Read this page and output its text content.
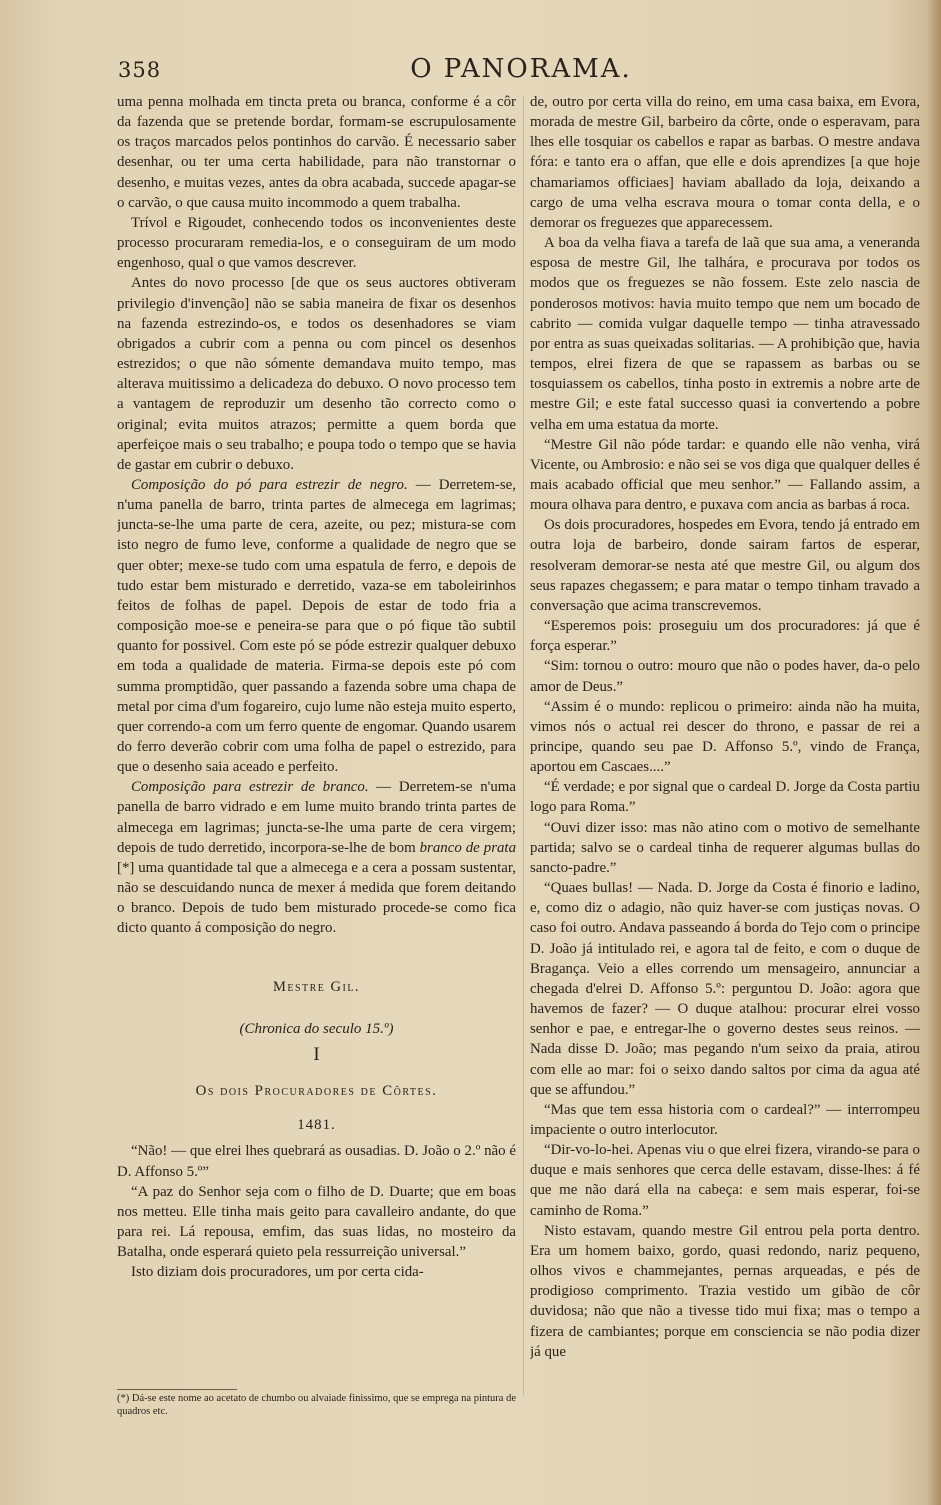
358	O PANORAMA.

uma penna molhada em tincta preta ou branca, conforme é a côr da fazenda que se pretende bordar, formam-se escrupulosamente os traços marcados pelos pontinhos do carvão. É necessario saber desenhar, ou ter uma certa habilidade, para não transtornar o desenho, e muitas vezes, antes da obra acabada, succede apagar-se o carvão, o que causa muito incommodo a quem trabalha.

Trívol e Rigoudet, conhecendo todos os inconvenientes deste processo procuraram remedia-los, e o conseguiram de um modo engenhoso, qual o que vamos descrever.

Antes do novo processo [de que os seus auctores obtiveram privilegio d'invenção] não se sabia maneira de fixar os desenhos na fazenda estrezindo-os, e todos os desenhadores se viam obrigados a cubrir com a penna ou com pincel os desenhos estrezidos; o que não sómente demandava muito tempo, mas alterava muitissimo a delicadeza do debuxo. O novo processo tem a vantagem de reproduzir um desenho tão correcto como o original; evita muitos atrazos; permitte a quem borda que aperfeiçoe mais o seu trabalho; e poupa todo o tempo que se havia de gastar em cubrir o debuxo.

Composição do pó para estrezir de negro. — Derretem-se, n'uma panella de barro, trinta partes de almecega em lagrimas; juncta-se-lhe uma parte de cera, azeite, ou pez; mistura-se com isto negro de fumo leve, conforme a qualidade de negro que se quer obter; mexe-se tudo com uma espatula de ferro, e depois de tudo estar bem misturado e derretido, vaza-se em taboleirinhos feitos de folhas de papel. Depois de estar de todo fria a composição moe-se e peneira-se para que o pó fique tão subtil quanto for possivel. Com este pó se póde estrezir qualquer debuxo em toda a qualidade de materia. Firma-se depois este pó com summa promptidão, quer passando a fazenda sobre uma chapa de metal por cima d'um fogareiro, cujo lume não esteja muito esperto, quer correndo-a com um ferro quente de engomar. Quando usarem do ferro deverão cobrir com uma folha de papel o estrezido, para que o desenho saia aceado e perfeito.

Composição para estrezir de branco. — Derretem-se n'uma panella de barro vidrado e em lume muito brando trinta partes de almecega em lagrimas; juncta-se-lhe uma parte de cera virgem; depois de tudo derretido, incorpora-se-lhe de bom branco de prata [*] uma quantidade tal que a almecega e a cera a possam sustentar, não se descuidando nunca de mexer á medida que forem deitando o branco. Depois de tudo bem misturado procede-se como fica dicto quanto á composição do negro.

Mestre Gil.
(Chronica do seculo 15.º)
I
Os dois Procuradores de Côrtes.
1481.

“Não! — que elrei lhes quebrará as ousadias. D. João o 2.º não é D. Affonso 5.º”

“A paz do Senhor seja com o filho de D. Duarte; que em boas nos metteu. Elle tinha mais geito para cavalleiro andante, do que para rei. Lá repousa, emfim, das suas lidas, no mosteiro da Batalha, onde esperará quieto pela ressurreição universal.”

Isto diziam dois procuradores, um por certa cida-

(*) Dá-se este nome ao acetato de chumbo ou alvaiade finissimo, que se emprega na pintura de quadros etc.

de, outro por certa villa do reino, em uma casa baixa, em Evora, morada de mestre Gil, barbeiro da côrte, onde o esperavam, para lhes elle tosquiar os cabellos e rapar as barbas. O mestre andava fóra: e tanto era o affan, que elle e dois aprendizes [a que hoje chamariamos officiaes] haviam aballado da loja, deixando a cargo de uma velha escrava moura o tomar conta della, e o demorar os freguezes que apparecessem.

A boa da velha fiava a tarefa de laã que sua ama, a veneranda esposa de mestre Gil, lhe talhára, e procurava por todos os modos que os freguezes se não fossem. Este zelo nascia de ponderosos motivos: havia muito tempo que nem um bocado de cabrito — comida vulgar daquelle tempo — tinha atravessado por entra as suas queixadas solitarias. — A prohibição que, havia tempos, elrei fizera de que se rapassem as barbas ou se tosquiassem os cabellos, tinha posto in extremis a nobre arte de mestre Gil; e este fatal successo quasi ia convertendo a pobre velha em uma estatua da morte.

“Mestre Gil não póde tardar: e quando elle não venha, virá Vicente, ou Ambrosio: e não sei se vos diga que qualquer delles é mais acabado official que meu senhor.” — Fallando assim, a moura olhava para dentro, e puxava com ancia as barbas á roca.

Os dois procuradores, hospedes em Evora, tendo já entrado em outra loja de barbeiro, donde sairam fartos de esperar, resolveram demorar-se nesta até que mestre Gil, ou algum dos seus rapazes chegassem; e para matar o tempo tinham travado a conversação que acima transcrevemos.

“Esperemos pois: proseguiu um dos procuradores: já que é força esperar.”

“Sim: tornou o outro: mouro que não o podes haver, da-o pelo amor de Deus.”

“Assim é o mundo: replicou o primeiro: ainda não ha muita, vimos nós o actual rei descer do throno, e passar de rei a principe, quando seu pae D. Affonso 5.º, vindo de França, aportou em Cascaes....”

“É verdade; e por signal que o cardeal D. Jorge da Costa partiu logo para Roma.”

“Ouvi dizer isso: mas não atino com o motivo de semelhante partida; salvo se o cardeal tinha de requerer algumas bullas do sancto-padre.”

“Quaes bullas! — Nada. D. Jorge da Costa é finorio e ladino, e, como diz o adagio, não quiz haver-se com justiças novas. O caso foi outro. Andava passeando á borda do Tejo com o principe D. João já intitulado rei, e agora tal de feito, e com o duque de Bragança. Veio a elles correndo um mensageiro, annunciar a chegada d'elrei D. Affonso 5.º: perguntou D. João: agora que havemos de fazer? — O duque atalhou: procurar elrei vosso senhor e pae, e entregar-lhe o governo destes seus reinos. — Nada disse D. João; mas pegando n'um seixo da praia, atirou com elle ao mar: foi o seixo dando saltos por cima da agua até que se affundou.”

“Mas que tem essa historia com o cardeal?” — interrompeu impaciente o outro interlocutor.

“Dir-vo-lo-hei. Apenas viu o que elrei fizera, virando-se para o duque e mais senhores que cerca delle estavam, disse-lhes: á fé que me não dará ella na cabeça: e sem mais esperar, foi-se caminho de Roma.”

Nisto estavam, quando mestre Gil entrou pela porta dentro. Era um homem baixo, gordo, quasi redondo, nariz pequeno, olhos vivos e chammejantes, pernas arqueadas, e pés de prodigioso comprimento. Trazia vestido um gibão de côr duvidosa; não que não a tivesse tido mui fixa; mas o tempo a fizera de cambiantes; porque em consciencia se não podia dizer já que
